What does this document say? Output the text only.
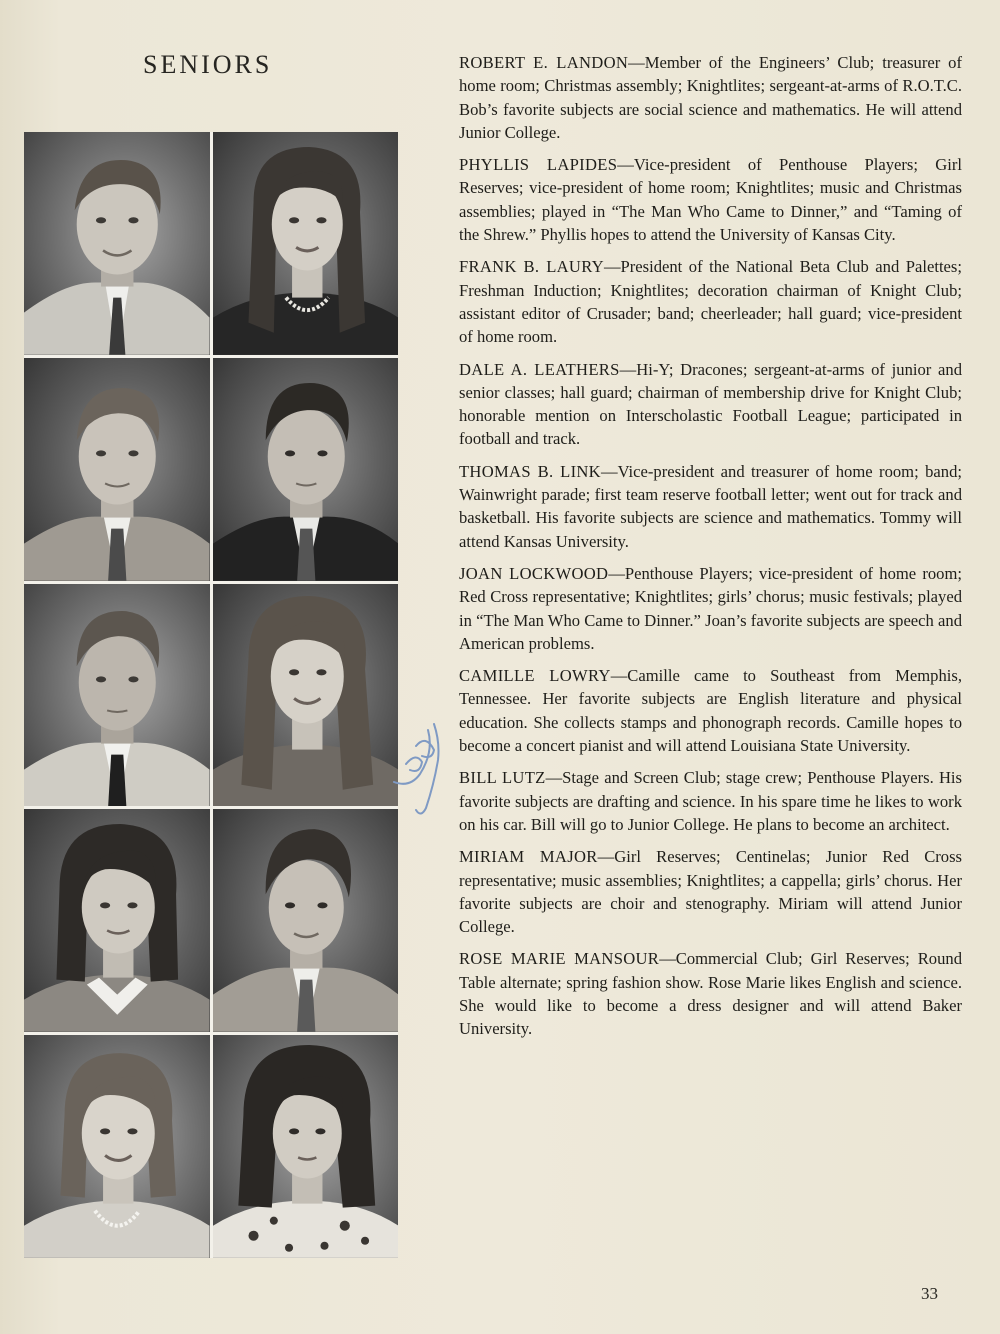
SENIORS	ROBERT E. LANDON—Member of the Engineers’ Club; treasurer of home room; Christmas assembly; Knightlites; sergeant-at-arms of R.O.T.C. Bob’s favorite subjects are social science and mathematics. He will attend Junior College.

PHYLLIS LAPIDES—Vice-president of Penthouse Players; Girl Reserves; vice-president of home room; Knightlites; music and Christmas assemblies; played in “The Man Who Came to Dinner,” and “Taming of the Shrew.” Phyllis hopes to attend the University of Kansas City.

FRANK B. LAURY—President of the National Beta Club and Palettes; Freshman Induction; Knightlites; decoration chairman of Knight Club; assistant editor of Crusader; band; cheerleader; hall guard; vice-president of home room.

DALE A. LEATHERS—Hi-Y; Dracones; sergeant-at-arms of junior and senior classes; hall guard; chairman of membership drive for Knight Club; honorable mention on Interscholastic Football League; participated in football and track.

THOMAS B. LINK—Vice-president and treasurer of home room; band; Wainwright parade; first team reserve football letter; went out for track and basketball. His favorite subjects are science and mathematics. Tommy will attend Kansas University.

JOAN LOCKWOOD—Penthouse Players; vice-president of home room; Red Cross representative; Knightlites; girls’ chorus; music festivals; played in “The Man Who Came to Dinner.” Joan’s favorite subjects are speech and American problems.

CAMILLE LOWRY—Camille came to Southeast from Memphis, Tennessee. Her favorite subjects are English literature and physical education. She collects stamps and phonograph records. Camille hopes to become a concert pianist and will attend Louisiana State University.

BILL LUTZ—Stage and Screen Club; stage crew; Penthouse Players. His favorite subjects are drafting and science. In his spare time he likes to work on his car. Bill will go to Junior College. He plans to become an architect.

MIRIAM MAJOR—Girl Reserves; Centinelas; Junior Red Cross representative; music assemblies; Knightlites; a cappella; girls’ chorus. Her favorite subjects are choir and stenography. Miriam will attend Junior College.

ROSE MARIE MANSOUR—Commercial Club; Girl Reserves; Round Table alternate; spring fashion show. Rose Marie likes English and science. She would like to become a dress designer and will attend Baker University.

33
